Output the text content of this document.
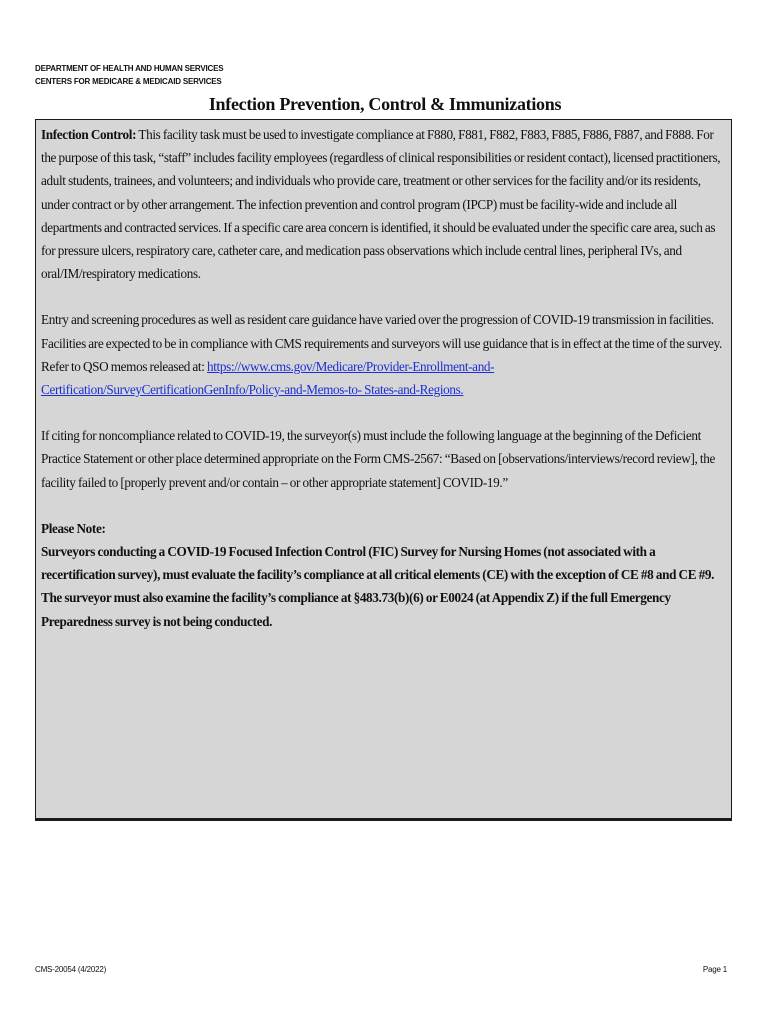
DEPARTMENT OF HEALTH AND HUMAN SERVICES
CENTERS FOR MEDICARE & MEDICAID SERVICES
Infection Prevention, Control & Immunizations

Infection Control: This facility task must be used to investigate compliance at F880, F881, F882, F883, F885, F886, F887, and F888. For the purpose of this task, “staff” includes facility employees (regardless of clinical responsibilities or resident contact), licensed practitioners, adult students, trainees, and volunteers; and individuals who provide care, treatment or other services for the facility and/or its residents, under contract or by other arrangement. The infection prevention and control program (IPCP) must be facility-wide and include all departments and contracted services. If a specific care area concern is identified, it should be evaluated under the specific care area, such as for pressure ulcers, respiratory care, catheter care, and medication pass observations which include central lines, peripheral IVs, and oral/IM/respiratory medications.

Entry and screening procedures as well as resident care guidance have varied over the progression of COVID-19 transmission in facilities. Facilities are expected to be in compliance with CMS requirements and surveyors will use guidance that is in effect at the time of the survey. Refer to QSO memos released at: https://www.cms.gov/Medicare/Provider-Enrollment-and-Certification/SurveyCertificationGenInfo/Policy-and-Memos-to- States-and-Regions.

If citing for noncompliance related to COVID-19, the surveyor(s) must include the following language at the beginning of the Deficient Practice Statement or other place determined appropriate on the Form CMS-2567: “Based on [observations/interviews/record review], the facility failed to [properly prevent and/or contain – or other appropriate statement] COVID-19.”

Please Note:

Surveyors conducting a COVID-19 Focused Infection Control (FIC) Survey for Nursing Homes (not associated with a recertification survey), must evaluate the facility’s compliance at all critical elements (CE) with the exception of CE #8 and CE #9. The surveyor must also examine the facility’s compliance at §483.73(b)(6) or E0024 (at Appendix Z) if the full Emergency Preparedness survey is not being conducted.

CMS-20054 (4/2022)	Page 1
